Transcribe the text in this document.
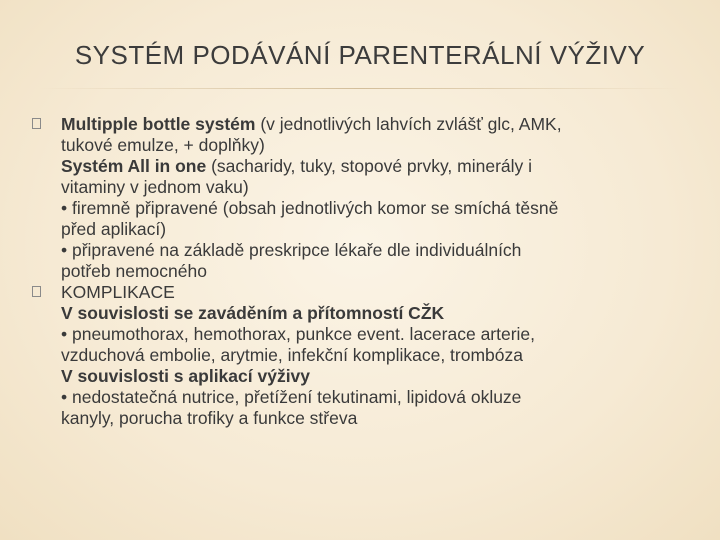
SYSTÉM PODÁVÁNÍ PARENTERÁLNÍ VÝŽIVY
Multipple bottle systém (v jednotlivých lahvích zvlášť glc, AMK,
tukové emulze, + doplňky)
Systém All in one (sacharidy, tuky, stopové prvky, minerály i
vitaminy v jednom vaku)
• firemně připravené (obsah jednotlivých komor se smíchá těsně
před aplikací)
• připravené na základě preskripce lékaře dle individuálních
potřeb nemocného
KOMPLIKACE
V souvislosti se zaváděním a přítomností CŽK
• pneumothorax, hemothorax, punkce event. lacerace arterie,
vzduchová embolie, arytmie, infekční komplikace, trombóza
V souvislosti s aplikací výživy
• nedostatečná nutrice, přetížení tekutinami, lipidová okluze
kanyly, porucha trofiky a funkce střeva
